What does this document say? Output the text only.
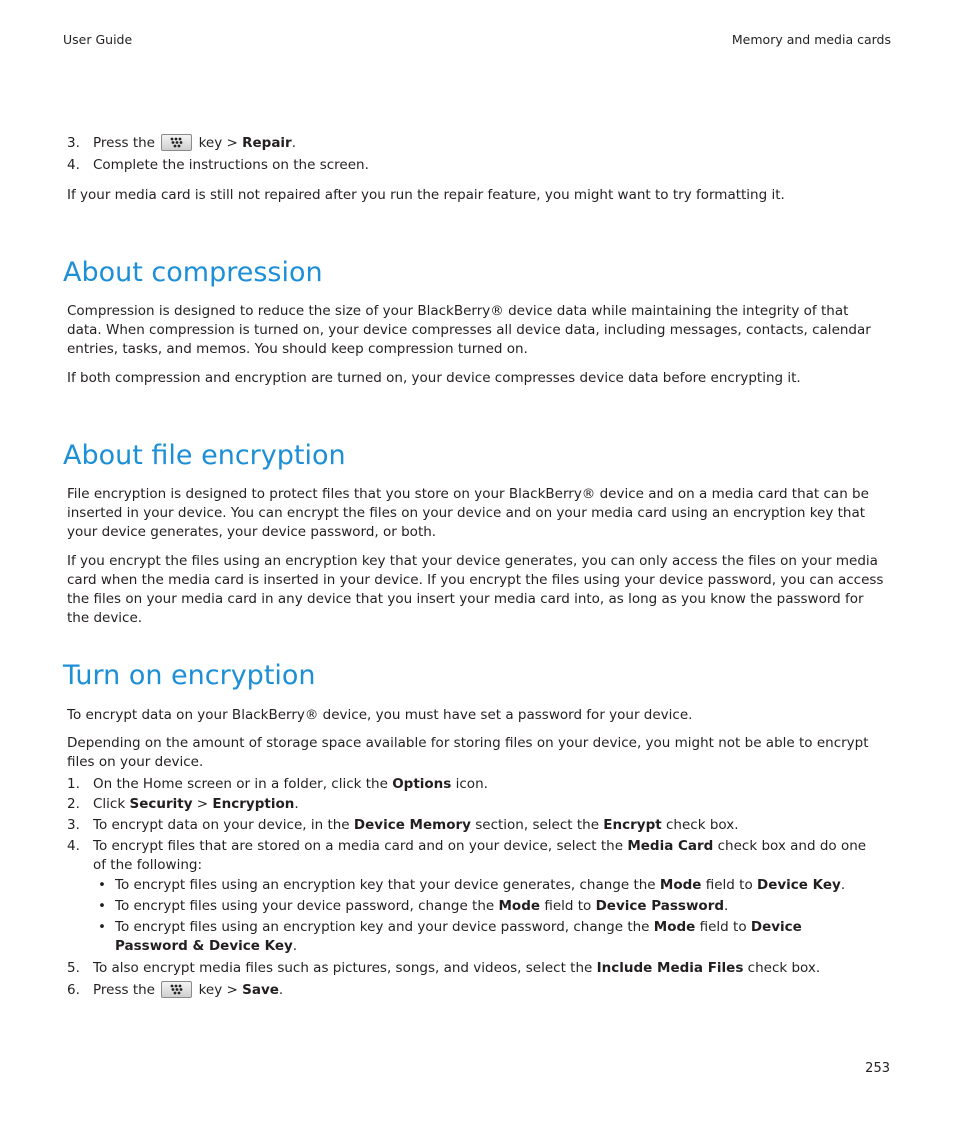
User Guide	Memory and media cards
3. Press the	key > Repair.
4. Complete the instructions on the screen.
If your media card is still not repaired after you run the repair feature, you might want to try formatting it.
About compression
Compression is designed to reduce the size of your BlackBerry® device data while maintaining the integrity of that data. When compression is turned on, your device compresses all device data, including messages, contacts, calendar entries, tasks, and memos. You should keep compression turned on.
If both compression and encryption are turned on, your device compresses device data before encrypting it.
About file encryption
File encryption is designed to protect files that you store on your BlackBerry® device and on a media card that can be inserted in your device. You can encrypt the files on your device and on your media card using an encryption key that your device generates, your device password, or both.
If you encrypt the files using an encryption key that your device generates, you can only access the files on your media card when the media card is inserted in your device. If you encrypt the files using your device password, you can access the files on your media card in any device that you insert your media card into, as long as you know the password for the device.
Turn on encryption
To encrypt data on your BlackBerry® device, you must have set a password for your device.
Depending on the amount of storage space available for storing files on your device, you might not be able to encrypt files on your device.
1. On the Home screen or in a folder, click the Options icon.
2. Click Security > Encryption.
3. To encrypt data on your device, in the Device Memory section, select the Encrypt check box.
4. To encrypt files that are stored on a media card and on your device, select the Media Card check box and do one of the following:
• To encrypt files using an encryption key that your device generates, change the Mode field to Device Key.
• To encrypt files using your device password, change the Mode field to Device Password.
• To encrypt files using an encryption key and your device password, change the Mode field to Device Password & Device Key.
5. To also encrypt media files such as pictures, songs, and videos, select the Include Media Files check box.
6. Press the	key > Save.
253
